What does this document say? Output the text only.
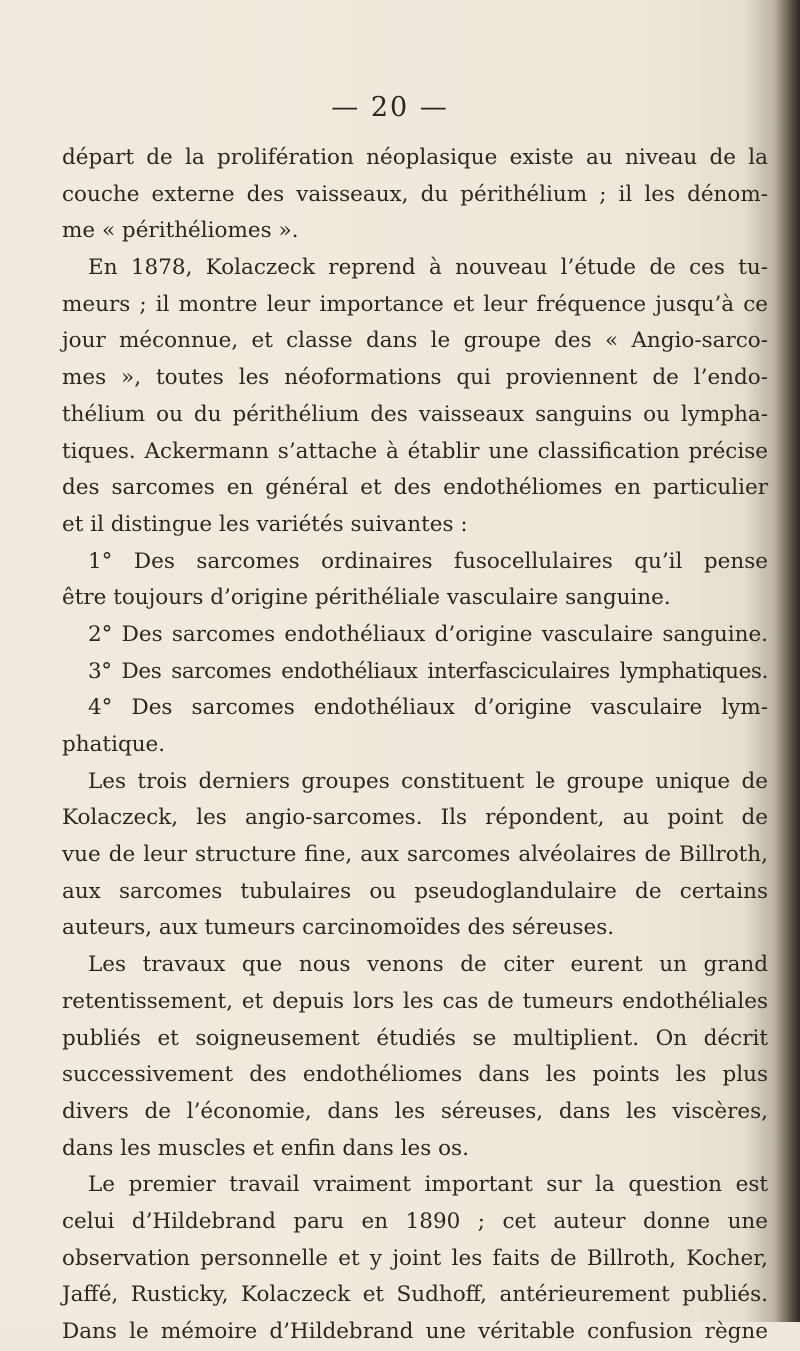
— 20 —
départ de la prolifération néoplasique existe au niveau de la
couche externe des vaisseaux, du périthélium ; il les dénom-
me « périthéliomes ».
En 1878, Kolaczeck reprend à nouveau l’étude de ces tu-
meurs ; il montre leur importance et leur fréquence jusqu’à ce
jour méconnue, et classe dans le groupe des « Angio-sarco-
mes », toutes les néoformations qui proviennent de l’endo-
thélium ou du périthélium des vaisseaux sanguins ou lympha-
tiques. Ackermann s’attache à établir une classification précise
des sarcomes en général et des endothéliomes en particulier
et il distingue les variétés suivantes :
1° Des sarcomes ordinaires fusocellulaires qu’il pense
être toujours d’origine périthéliale vasculaire sanguine.
2° Des sarcomes endothéliaux d’origine vasculaire sanguine.
3° Des sarcomes endothéliaux interfasciculaires lymphatiques.
4° Des sarcomes endothéliaux d’origine vasculaire lym-
phatique.
Les trois derniers groupes constituent le groupe unique de
Kolaczeck, les angio-sarcomes. Ils répondent, au point de
vue de leur structure fine, aux sarcomes alvéolaires de Billroth,
aux sarcomes tubulaires ou pseudoglandulaire de certains
auteurs, aux tumeurs carcinomoïdes des séreuses.
Les travaux que nous venons de citer eurent un grand
retentissement, et depuis lors les cas de tumeurs endothéliales
publiés et soigneusement étudiés se multiplient. On décrit
successivement des endothéliomes dans les points les plus
divers de l’économie, dans les séreuses, dans les viscères,
dans les muscles et enfin dans les os.
Le premier travail vraiment important sur la question est
celui d’Hildebrand paru en 1890 ; cet auteur donne une
observation personnelle et y joint les faits de Billroth, Kocher,
Jaffé, Rusticky, Kolaczeck et Sudhoff, antérieurement publiés.
Dans le mémoire d’Hildebrand une véritable confusion règne
